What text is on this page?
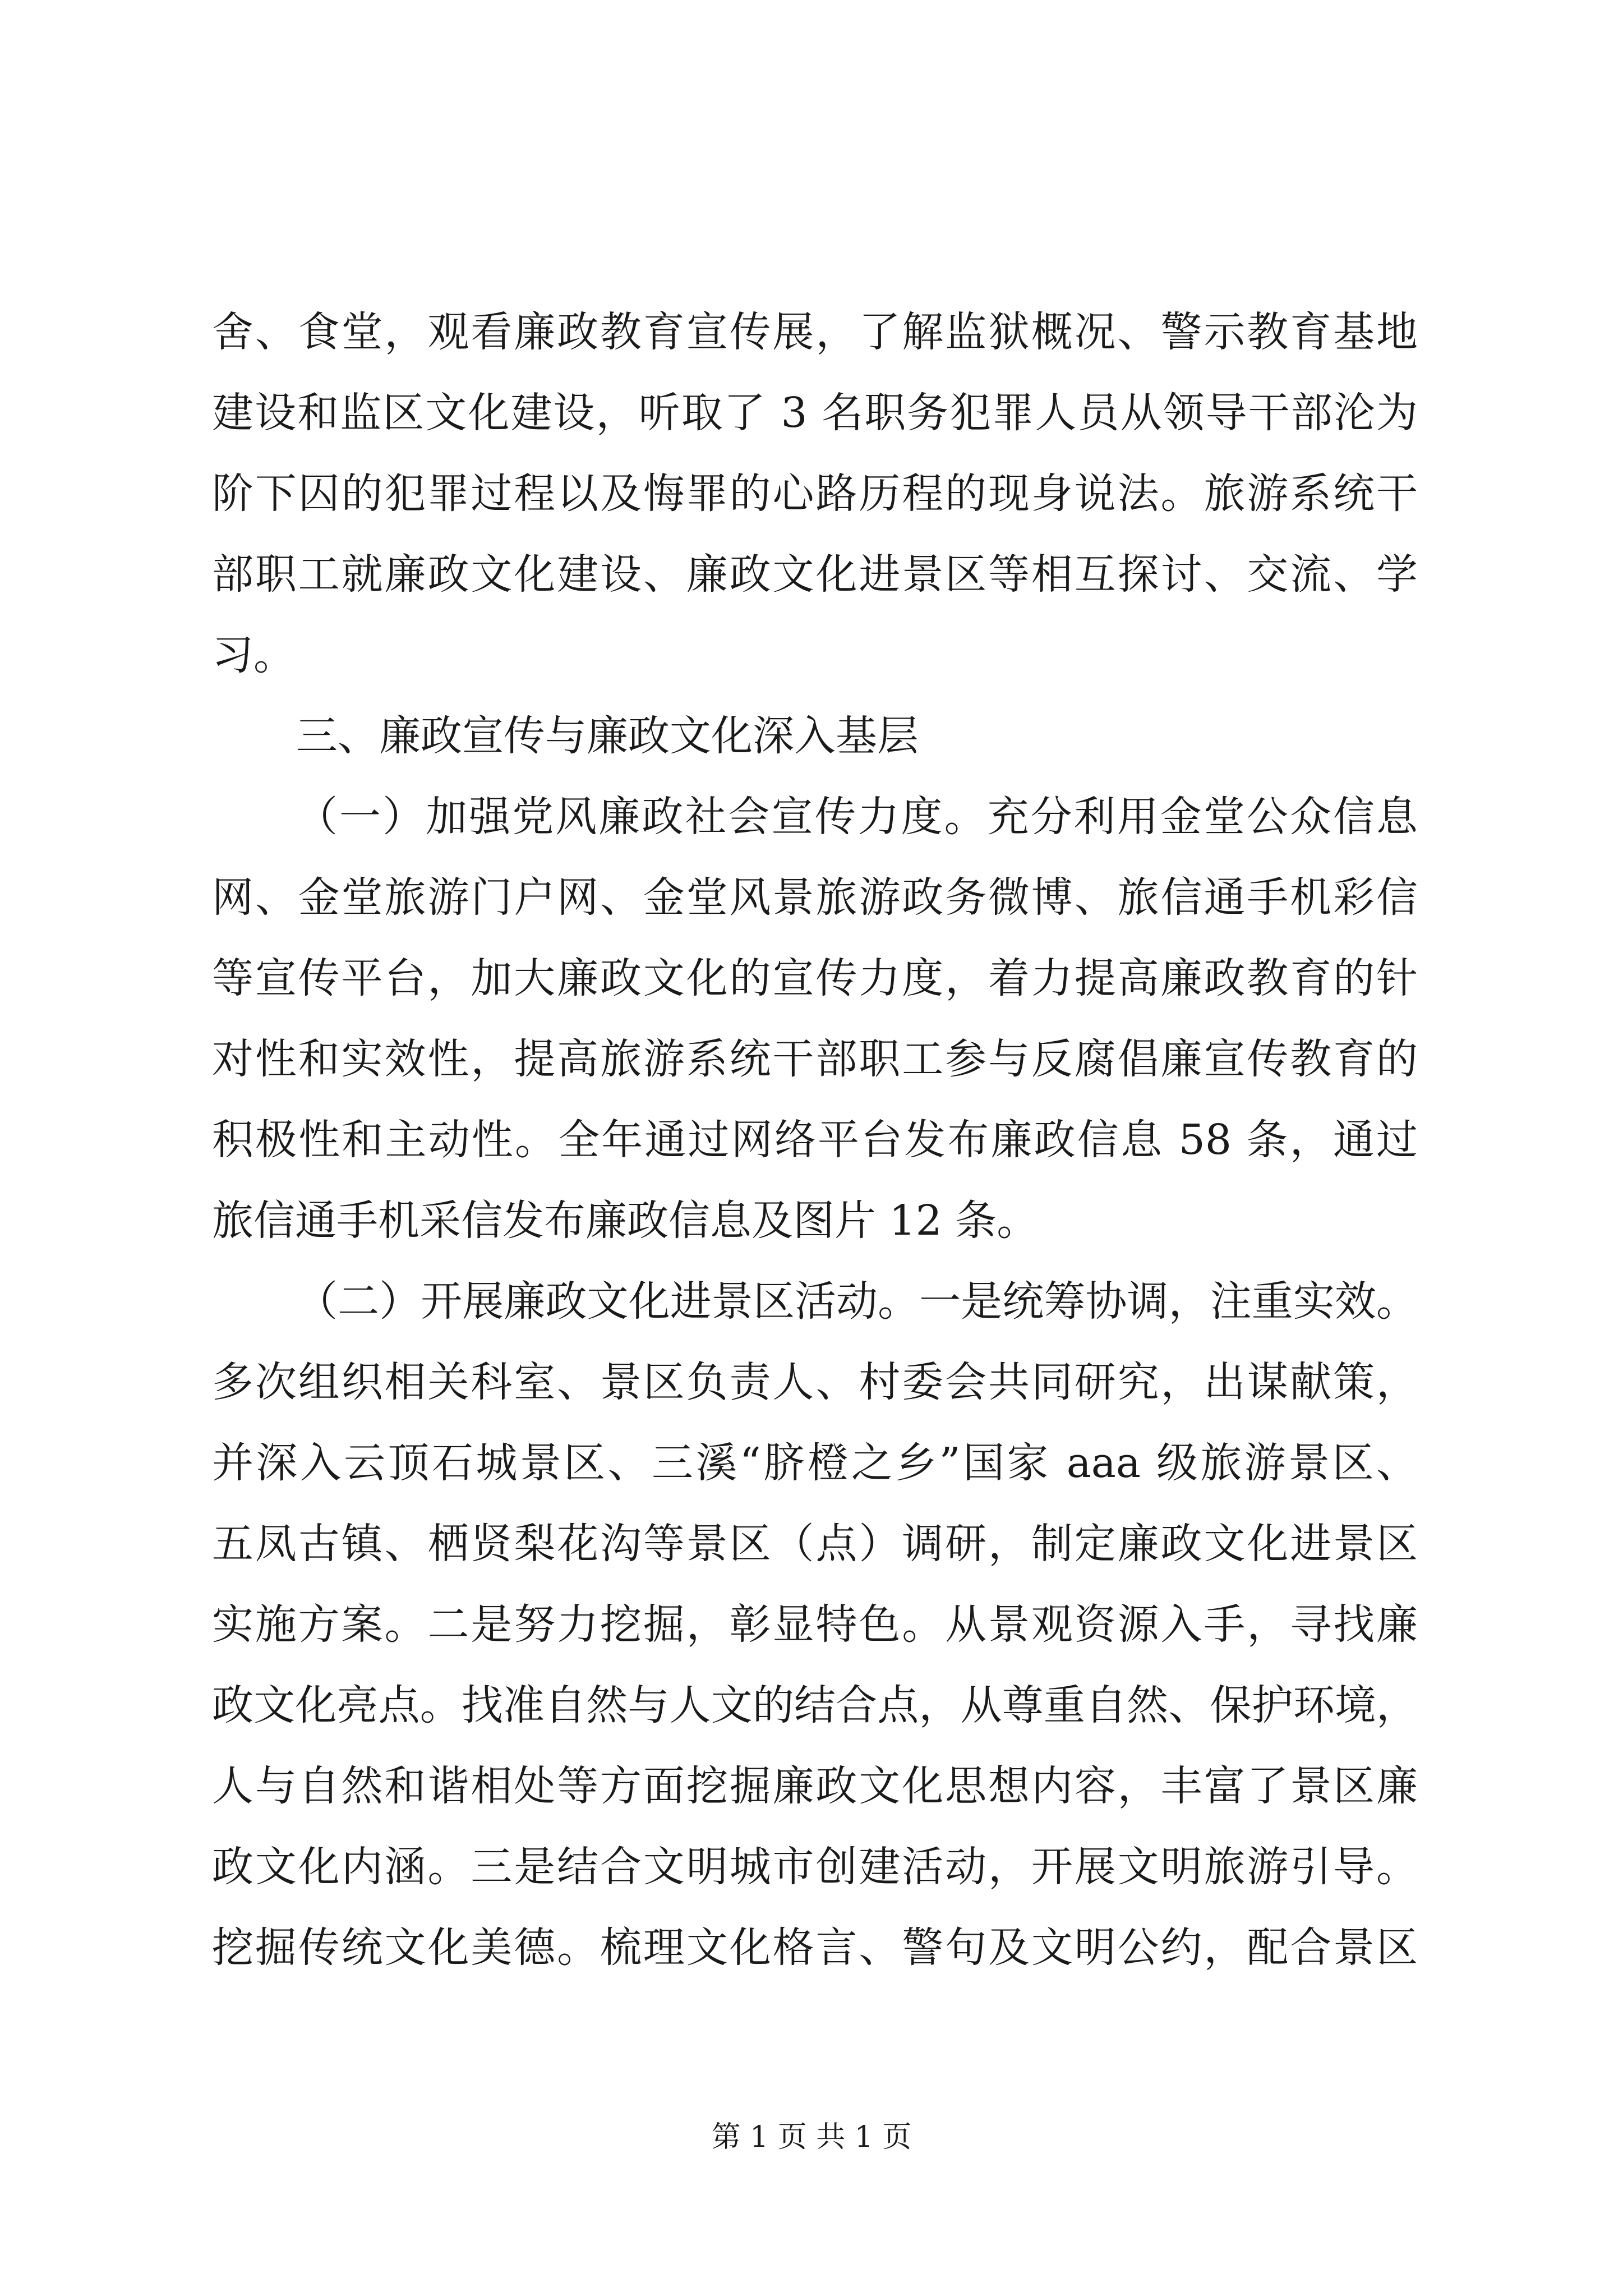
舍、食堂，观看廉政教育宣传展，了解监狱概况、警示教育基地
建设和监区文化建设，听取了 3 名职务犯罪人员从领导干部沦为
阶下囚的犯罪过程以及悔罪的心路历程的现身说法。旅游系统干
部职工就廉政文化建设、廉政文化进景区等相互探讨、交流、学
习。
三、廉政宣传与廉政文化深入基层
（一）加强党风廉政社会宣传力度。充分利用金堂公众信息
网、金堂旅游门户网、金堂风景旅游政务微博、旅信通手机彩信
等宣传平台，加大廉政文化的宣传力度，着力提高廉政教育的针
对性和实效性，提高旅游系统干部职工参与反腐倡廉宣传教育的
积极性和主动性。全年通过网络平台发布廉政信息 58 条，通过
旅信通手机采信发布廉政信息及图片 12 条。
（二）开展廉政文化进景区活动。一是统筹协调，注重实效。
多次组织相关科室、景区负责人、村委会共同研究，出谋献策，
并深入云顶石城景区、三溪“脐橙之乡”国家 aaa 级旅游景区、
五凤古镇、栖贤梨花沟等景区（点）调研，制定廉政文化进景区
实施方案。二是努力挖掘，彰显特色。从景观资源入手，寻找廉
政文化亮点。找准自然与人文的结合点，从尊重自然、保护环境，
人与自然和谐相处等方面挖掘廉政文化思想内容，丰富了景区廉
政文化内涵。三是结合文明城市创建活动，开展文明旅游引导。
挖掘传统文化美德。梳理文化格言、警句及文明公约，配合景区
第 1 页 共 1 页
